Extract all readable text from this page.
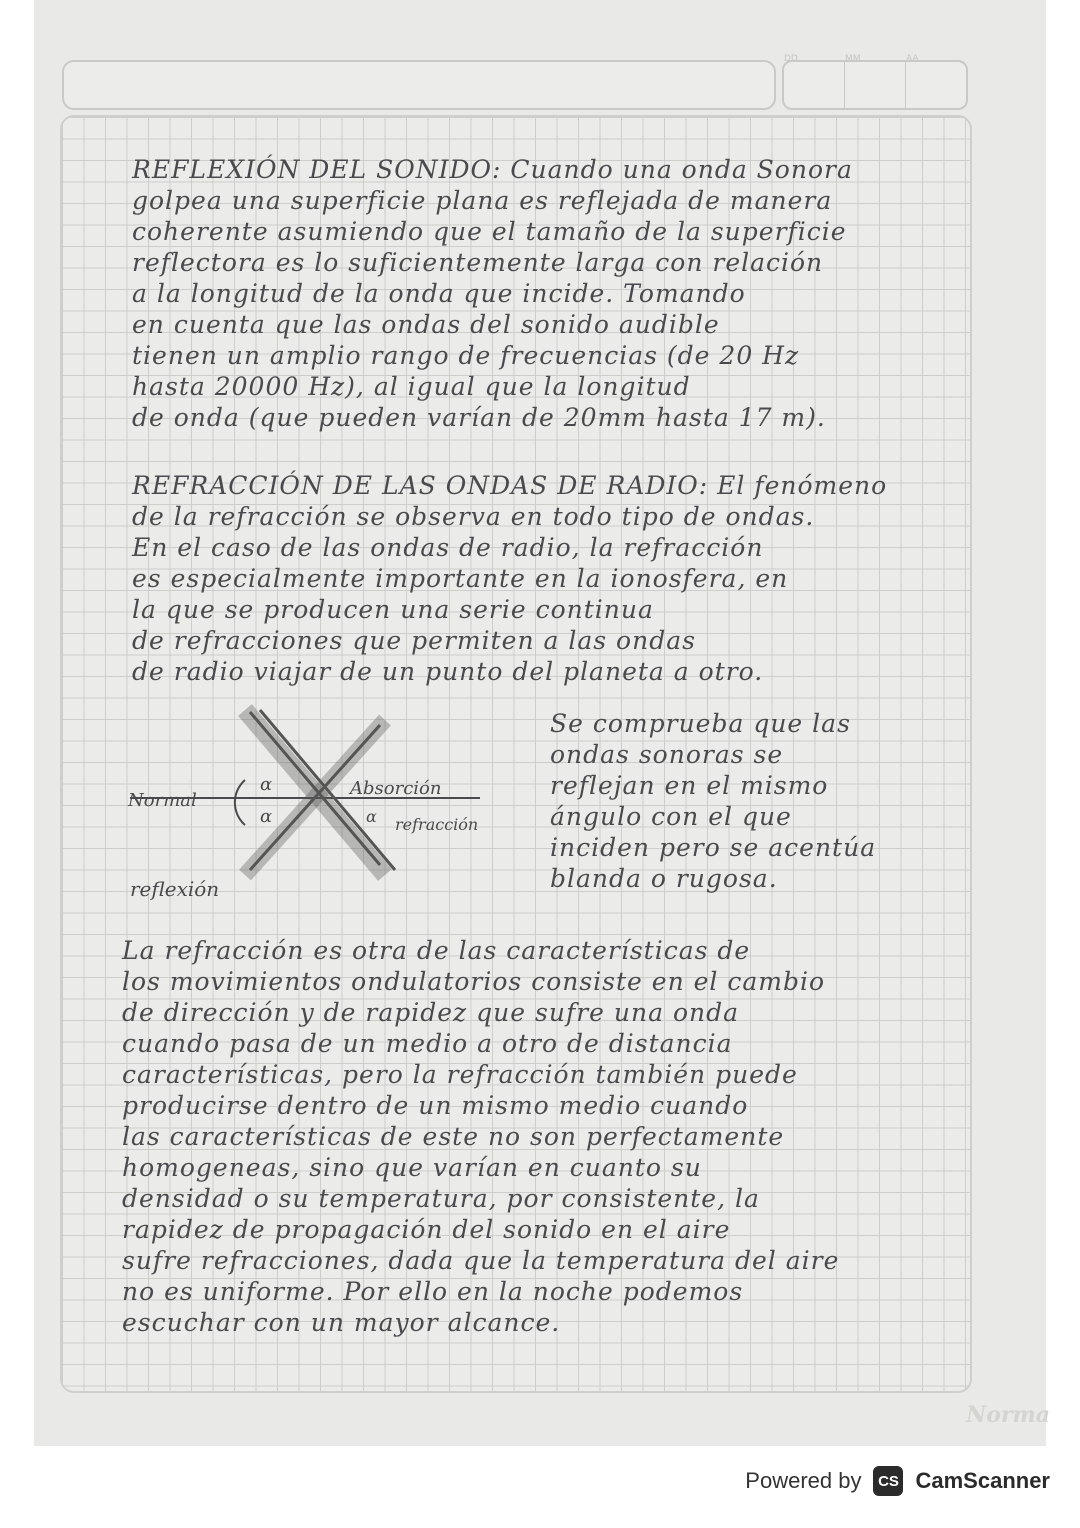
$^{DD}$	$^{MM}$	$^{AA}$

REFLEXIÓN DEL SONIDO: Cuando una onda Sonora

golpea una superficie plana es reflejada de manera

coherente asumiendo que el tamaño de la superficie

reflectora es lo suficientemente larga con relación

a la longitud de la onda que incide. Tomando

en cuenta que las ondas del sonido audible

tienen un amplio rango de frecuencias (de 20 Hz

hasta 20000 Hz), al igual que la longitud

de onda (que pueden varían de 20mm hasta 17 m).

REFRACCIÓN DE LAS ONDAS DE RADIO: El fenómeno

de la refracción se observa en todo tipo de ondas.

En el caso de las ondas de radio, la refracción

es especialmente importante en la ionosfera, en

la que se producen una serie continua

de refracciones que permiten a las ondas

de radio viajar de un punto del planeta a otro.

α
α	α
Normal
Absorción
refracción
reflexión

Se comprueba que las

ondas sonoras se

reflejan en el mismo

ángulo con el que

inciden pero se acentúa

blanda o rugosa.

La refracción es otra de las características de

los movimientos ondulatorios consiste en el cambio

de dirección y de rapidez que sufre una onda

cuando pasa de un medio a otro de distancia

características, pero la refracción también puede

producirse dentro de un mismo medio cuando

las características de este no son perfectamente

homogeneas, sino que varían en cuanto su

densidad o su temperatura, por consistente, la

rapidez de propagación del sonido en el aire

sufre refracciones, dada que la temperatura del aire

no es uniforme. Por ello en la noche podemos

escuchar con un mayor alcance.

Norma
Powered by	CS CamScanner
